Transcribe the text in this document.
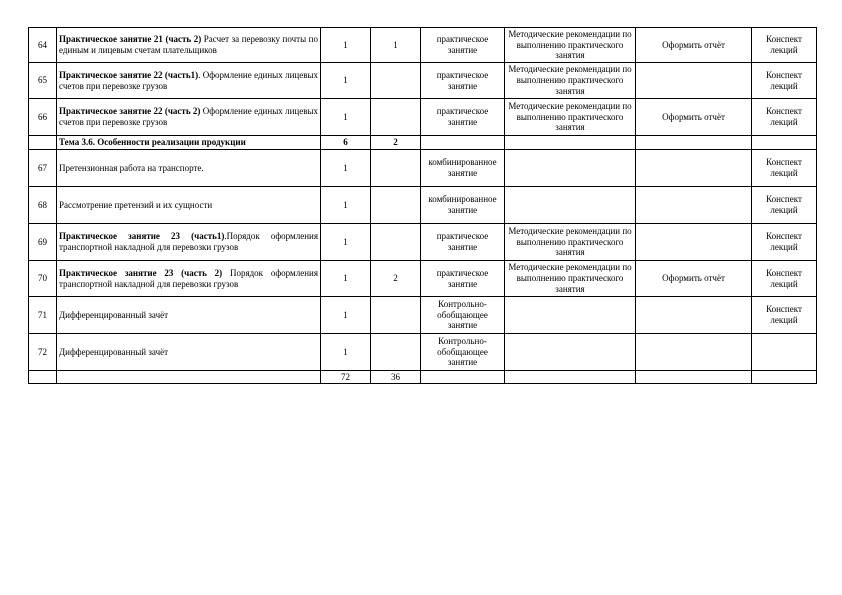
64	Практическое занятие 21 (часть 2) Расчет за перевозку почты по единым и лицевым счетам плательщиков	1	1	практическое занятие	Методические рекомендации по выполнению практического занятия	Оформить отчёт	Конспект лекций
65	Практическое занятие 22 (часть1). Оформление единых лицевых счетов при перевозке грузов	1		практическое занятие	Методические рекомендации по выполнению практического занятия		Конспект лекций
66	Практическое занятие 22 (часть 2) Оформление единых лицевых счетов при перевозке грузов	1		практическое занятие	Методические рекомендации по выполнению практического занятия	Оформить отчёт	Конспект лекций
	Тема 3.6. Особенности реализации продукции	6	2				
67	Претензионная работа на транспорте.	1		комбинированное занятие			Конспект лекций
68	Рассмотрение претензий и их сущности	1		комбинированное занятие			Конспект лекций
69	Практическое занятие 23 (часть1).Порядок оформления транспортной накладной для перевозки грузов	1		практическое занятие	Методические рекомендации по выполнению практического занятия		Конспект лекций
70	Практическое занятие 23 (часть 2) Порядок оформления транспортной накладной для перевозки грузов	1	2	практическое занятие	Методические рекомендации по выполнению практического занятия	Оформить отчёт	Конспект лекций
71	Дифференцированный зачёт	1		Контрольно-обобщающее занятие			Конспект лекций
72	Дифференцированный зачёт	1		Контрольно-обобщающее занятие			
		72	36				
